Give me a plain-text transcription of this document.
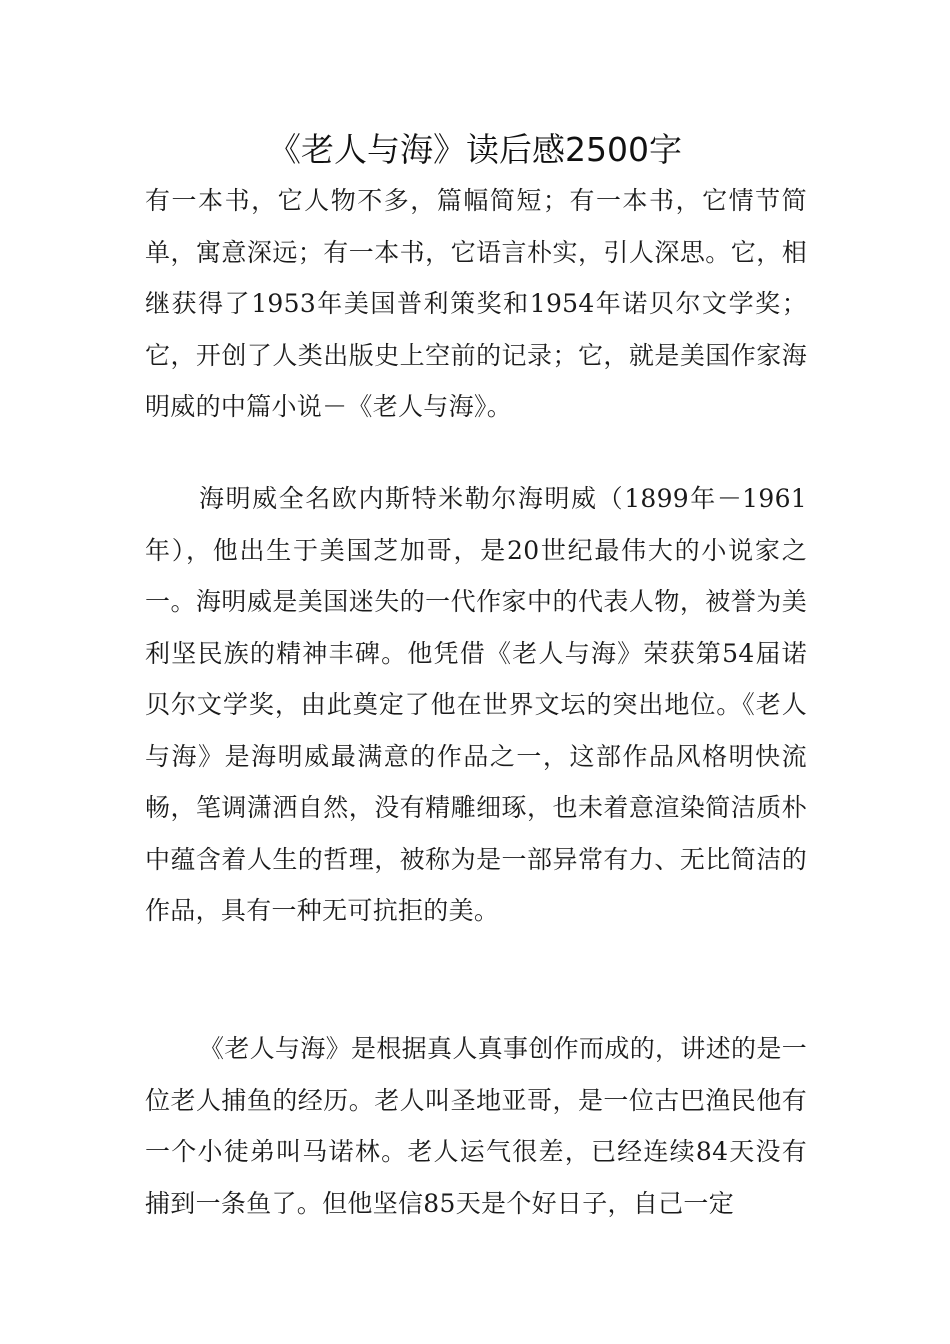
《老人与海》读后感2500字

有一本书，它人物不多，篇幅简短；有一本书，它情节简单，寓意深远；有一本书，它语言朴实，引人深思。它，相继获得了1953年美国普利策奖和1954年诺贝尔文学奖；它，开创了人类出版史上空前的记录；它，就是美国作家海明威的中篇小说－《老人与海》。

海明威全名欧内斯特米勒尔海明威（1899年－1961年），他出生于美国芝加哥，是20世纪最伟大的小说家之一。海明威是美国迷失的一代作家中的代表人物，被誉为美利坚民族的精神丰碑。他凭借《老人与海》荣获第54届诺贝尔文学奖，由此奠定了他在世界文坛的突出地位。《老人与海》是海明威最满意的作品之一，这部作品风格明快流畅，笔调潇洒自然，没有精雕细琢，也未着意渲染简洁质朴中蕴含着人生的哲理，被称为是一部异常有力、无比简洁的作品，具有一种无可抗拒的美。

《老人与海》是根据真人真事创作而成的，讲述的是一位老人捕鱼的经历。老人叫圣地亚哥，是一位古巴渔民他有一个小徒弟叫马诺林。老人运气很差，已经连续84天没有捕到一条鱼了。但他坚信85天是个好日子，自己一定
